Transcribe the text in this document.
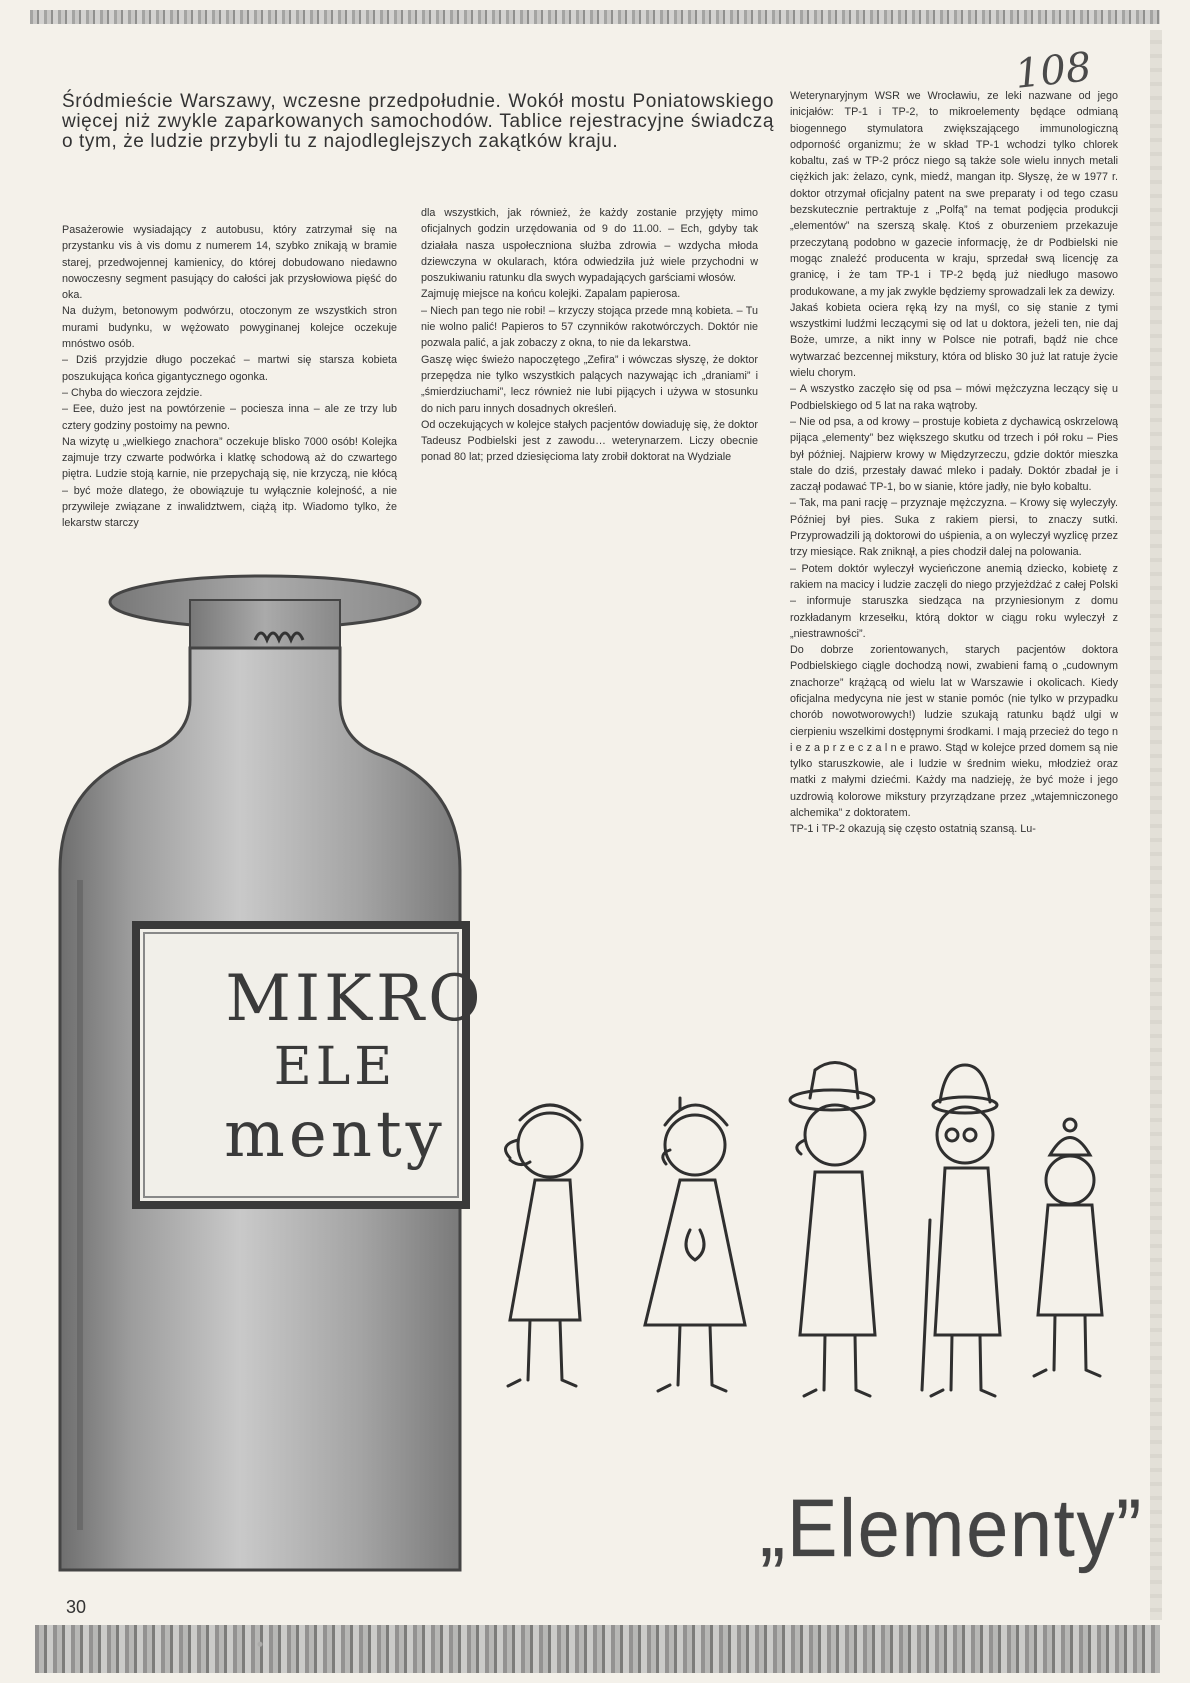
108

Śródmieście Warszawy, wczesne przedpołudnie. Wokół mostu Poniatowskiego więcej niż zwykle zaparkowanych samochodów. Tablice rejestracyjne świadczą o tym, że ludzie przybyli tu z najodleglejszych zakątków kraju.

Pasażerowie wysiadający z autobusu, który zatrzymał się na przystanku vis à vis domu z numerem 14, szybko znikają w bramie starej, przedwojennej kamienicy, do której dobudowano niedawno nowoczesny segment pasujący do całości jak przysłowiowa pięść do oka.
Na dużym, betonowym podwórzu, otoczonym ze wszystkich stron murami budynku, w wężowato powyginanej kolejce oczekuje mnóstwo osób.
– Dziś przyjdzie długo poczekać – martwi się starsza kobieta poszukująca końca gigantycznego ogonka.
– Chyba do wieczora zejdzie.
– Eee, dużo jest na powtórzenie – pociesza inna – ale ze trzy lub cztery godziny postoimy na pewno.
Na wizytę u „wielkiego znachora” oczekuje blisko 7000 osób! Kolejka zajmuje trzy czwarte podwórka i klatkę schodową aż do czwartego piętra. Ludzie stoją karnie, nie przepychają się, nie krzyczą, nie kłócą – być może dlatego, że obowiązuje tu wyłącznie kolejność, a nie przywileje związane z inwalidztwem, ciążą itp. Wiadomo tylko, że lekarstw starczy

dla wszystkich, jak również, że każdy zostanie przyjęty mimo oficjalnych godzin urzędowania od 9 do 11.00. – Ech, gdyby tak działała nasza uspołeczniona służba zdrowia – wzdycha młoda dziewczyna w okularach, która odwiedziła już wiele przychodni w poszukiwaniu ratunku dla swych wypadających garściami włosów.
Zajmuję miejsce na końcu kolejki. Zapalam papierosa.
– Niech pan tego nie robi! – krzyczy stojąca przede mną kobieta. – Tu nie wolno palić! Papieros to 57 czynników rakotwórczych. Doktór nie pozwala palić, a jak zobaczy z okna, to nie da lekarstwa.
Gaszę więc świeżo napoczętego „Zefira” i wówczas słyszę, że doktor przepędza nie tylko wszystkich palących nazywając ich „draniami” i „śmierdziuchami”, lecz również nie lubi pijących i używa w stosunku do nich paru innych dosadnych określeń.
Od oczekujących w kolejce stałych pacjentów dowiaduję się, że doktor Tadeusz Podbielski jest z zawodu… weterynarzem. Liczy obecnie ponad 80 lat; przed dziesięcioma laty zrobił doktorat na Wydziale

Weterynaryjnym WSR we Wrocławiu, ze leki nazwane od jego inicjałów: TP-1 i TP-2, to mikroelementy będące odmianą biogennego stymulatora zwiększającego immunologiczną odporność organizmu; że w skład TP-1 wchodzi tylko chlorek kobaltu, zaś w TP-2 prócz niego są także sole wielu innych metali ciężkich jak: żelazo, cynk, miedź, mangan itp. Słyszę, że w 1977 r. doktor otrzymał oficjalny patent na swe preparaty i od tego czasu bezskutecznie pertraktuje z „Polfą” na temat podjęcia produkcji „elementów” na szerszą skalę. Ktoś z oburzeniem przekazuje przeczytaną podobno w gazecie informację, że dr Podbielski nie mogąc znaleźć producenta w kraju, sprzedał swą licencję za granicę, i że tam TP-1 i TP-2 będą już niedługo masowo produkowane, a my jak zwykle będziemy sprowadzali lek za dewizy.
Jakaś kobieta ociera ręką łzy na myśl, co się stanie z tymi wszystkimi ludźmi leczącymi się od lat u doktora, jeżeli ten, nie daj Boże, umrze, a nikt inny w Polsce nie potrafi, bądź nie chce wytwarzać bezcennej mikstury, która od blisko 30 już lat ratuje życie wielu chorym.
– A wszystko zaczęło się od psa – mówi mężczyzna leczący się u Podbielskiego od 5 lat na raka wątroby.
– Nie od psa, a od krowy – prostuje kobieta z dychawicą oskrzelową pijąca „elementy” bez większego skutku od trzech i pół roku – Pies był później. Najpierw krowy w Międzyrzeczu, gdzie doktór mieszka stale do dziś, przestały dawać mleko i padały. Doktór zbadał je i zaczął podawać TP-1, bo w sianie, które jadły, nie było kobaltu.
– Tak, ma pani rację – przyznaje mężczyzna. – Krowy się wyleczyły. Później był pies. Suka z rakiem piersi, to znaczy sutki. Przyprowadzili ją doktorowi do uśpienia, a on wyleczył wyzlicę przez trzy miesiące. Rak zniknął, a pies chodził dalej na polowania.
– Potem doktór wyleczył wycieńczone anemią dziecko, kobietę z rakiem na macicy i ludzie zaczęli do niego przyjeżdżać z całej Polski – informuje staruszka siedząca na przyniesionym z domu rozkładanym krzesełku, którą doktor w ciągu roku wyleczył z „niestrawności”.
Do dobrze zorientowanych, starych pacjentów doktora Podbielskiego ciągle dochodzą nowi, zwabieni famą o „cudownym znachorze” krążącą od wielu lat w Warszawie i okolicach. Kiedy oficjalna medycyna nie jest w stanie pomóc (nie tylko w przypadku chorób nowotworowych!) ludzie szukają ratunku bądź ulgi w cierpieniu wszelkimi dostępnymi środkami. I mają przecież do tego n i e z a p r z e c z a l n e prawo. Stąd w kolejce przed domem są nie tylko staruszkowie, ale i ludzie w średnim wieku, młodzież oraz matki z małymi dziećmi. Każdy ma nadzieję, że być może i jego uzdrowią kolorowe mikstury przyrządzane przez „wtajemniczonego alchemika” z doktoratem.
TP-1 i TP-2 okazują się często ostatnią szansą. Lu-

MIKRO
ELE
menty
„Elementy”
30
